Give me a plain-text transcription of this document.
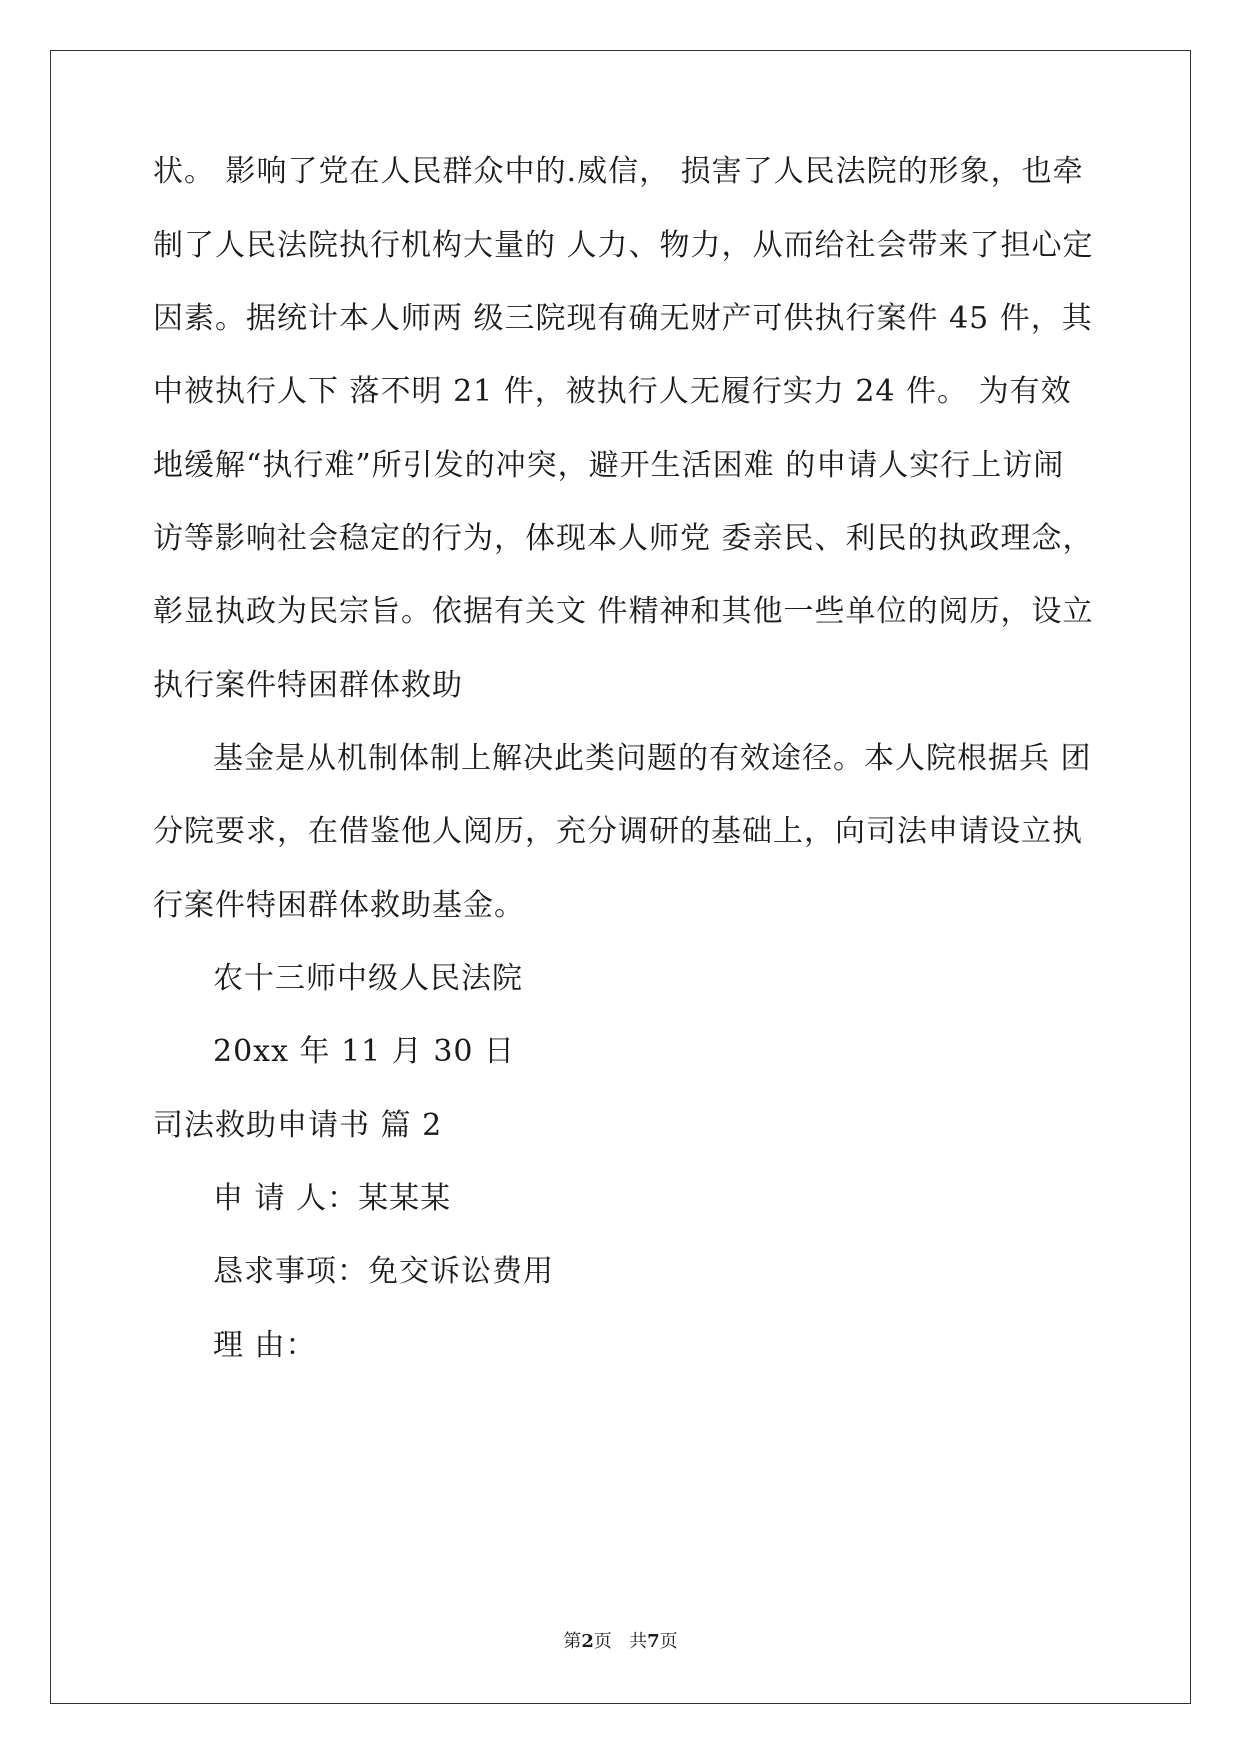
状。 影响了党在人民群众中的.威信， 损害了人民法院的形象，也牵
制了人民法院执行机构大量的 人力、物力，从而给社会带来了担心定
因素。据统计本人师两 级三院现有确无财产可供执行案件 45 件，其
中被执行人下 落不明 21 件，被执行人无履行实力 24 件。 为有效
地缓解“执行难”所引发的冲突，避开生活困难 的申请人实行上访闹
访等影响社会稳定的行为，体现本人师党 委亲民、利民的执政理念，
彰显执政为民宗旨。依据有关文 件精神和其他一些单位的阅历，设立
执行案件特困群体救助
基金是从机制体制上解决此类问题的有效途径。本人院根据兵 团
分院要求，在借鉴他人阅历，充分调研的基础上，向司法申请设立执
行案件特困群体救助基金。
农十三师中级人民法院
20xx 年 11 月 30 日
司法救助申请书 篇 2
申 请 人：某某某
恳求事项：免交诉讼费用
理 由：
第2页   共7页
